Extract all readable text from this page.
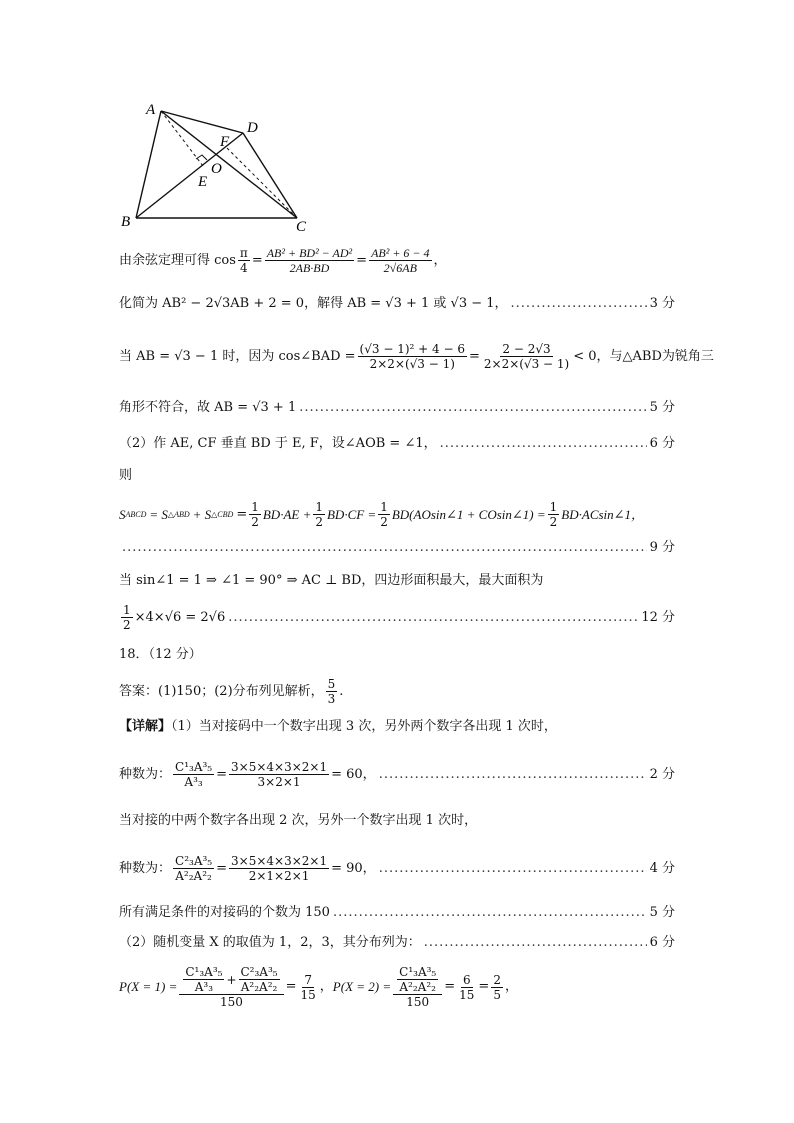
A
B	C
D
F
O
E
由余弦定理可得 $\cos \frac{\pi}{4} = \frac{\text{AB² + BD² − AD²}}{2AB\cdot BD} = \frac{\text{AB² + 6 − 4}}{2√6AB}$ ，
化简为 AB² − 2√3AB + 2 = 0，解得 AB = √3 + 1 或 √3 − 1， .....	3 分
当 AB = √3 − 1 时，因为 cos∠BAD = $\frac{\text{(√3 − 1)² + 4 − 6}}{2\times 2\times(√3 - 1)} = \frac{2 - 2√3}{2\times 2\times(√3 - 1)} < 0$，与△ABD为锐角三
角形不符合，故 AB = √3 + 1 .....	5 分
（2）作 AE, CF 垂直 BD 于 E, F，设∠AOB = ∠1， .....	6 分
则
S ABCD = S △ABD + S △CBD = $\frac{1}{2} BD\cdot AE + \frac{1}{2} BD\cdot CF = \frac{1}{2}$ BD(AOsin∠1 + COsin∠1) = $\frac{1}{2}$ BD·ACsin∠1，
.....
9 分
当 sin∠1 = 1 ⇒ ∠1 = 90° ⇒ AC ⊥ BD，四边形面积最大，最大面积为
$\frac{1}{2} \times 4\times√6 = 2√6$ .....	12 分
18．（12 分）
答案：(1)150；(2)分布列见解析， $\frac{5}{3}$ .
【详解】（1）当对接码中一个数字出现 3 次，另外两个数字各出现 1 次时，
种数为： $\frac{\text{C¹₃A³₅}}{\text{A³₃}} = \frac{3\times 5\times 4\times 3\times 2\times 1}{3\times 2\times 1} = 60$， .....	2 分
当对接的中两个数字各出现 2 次，另外一个数字出现 1 次时，
种数为： $\frac{\text{C²₃A³₅}}{\text{A²₂A²₂}} = \frac{3\times 5\times 4\times 3\times 2\times 1}{2\times 1\times 2\times 1} = 90$， .....	4 分
所有满足条件的对接码的个数为 150 .....	5 分
（2）随机变量 X 的取值为 1，2，3，其分布列为： .....	6 分
$P(X = 1) = \frac{\frac{\text{C¹₃A³₅}}{\text{A³₃}} + \frac{\text{C²₃A³₅}}{\text{A²₂A²₂}}}{150} = \frac{7}{15}$ ， $P(X = 2) = \frac{\frac{\text{C¹₃A³₅}}{\text{A²₂A²₂}}}{150} = \frac{6}{15} = \frac{2}{5}$ ，
